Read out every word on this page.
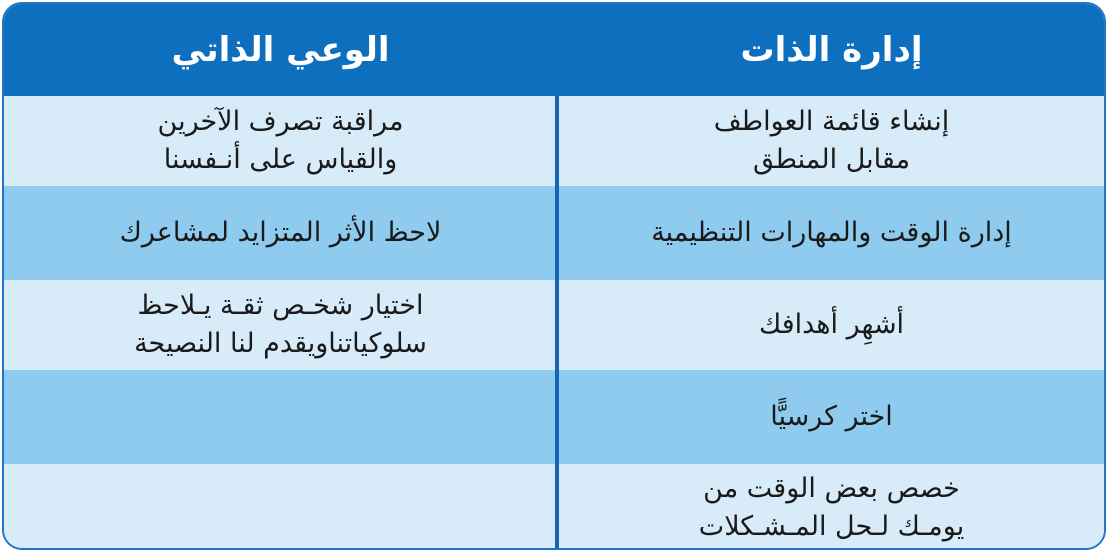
إدارة الذات
الوعي الذاتي
إنشاء قائمة العواطف
مقابل المنطق
مراقبة تصرف الآخرين
والقياس على أنـفسنا
إدارة الوقت والمهارات التنظيمية
لاحظ الأثر المتزايد لمشاعرك
أشهِر أهدافك
اختيار شخـص ثقـة يـلاحظ
سلوكياتناويقدم لنا النصيحة
اختر كرسيًّا
خصص بعض الوقت من
يومـك لـحل المـشـكلات
